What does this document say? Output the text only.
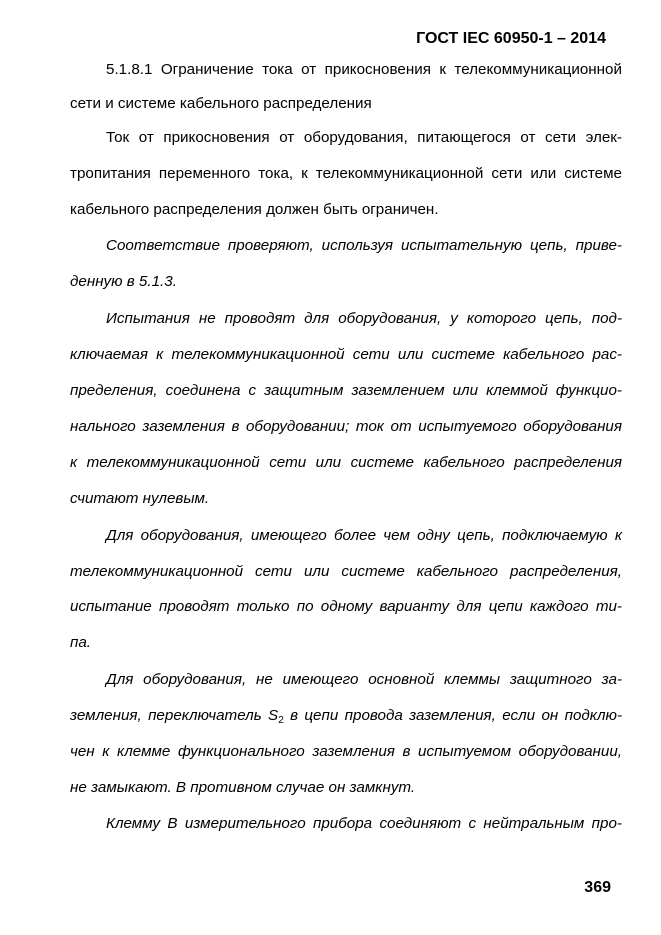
ГОСТ IEC 60950-1 – 2014
5.1.8.1 Ограничение тока от прикосновения к телекоммуникационной
сети и системе кабельного распределения
Ток от прикосновения от оборудования, питающегося от сети элек-
тропитания переменного тока, к телекоммуникационной сети или системе
кабельного распределения должен быть ограничен.
Соответствие проверяют, используя испытательную цепь, приве-
денную в 5.1.3.
Испытания не проводят для оборудования, у которого цепь, под-
ключаемая к телекоммуникационной сети или системе кабельного рас-
пределения, соединена с защитным заземлением или клеммой функцио-
нального заземления в оборудовании; ток от испытуемого оборудования
к телекоммуникационной сети или системе кабельного распределения
считают нулевым.
Для оборудования, имеющего более чем одну цепь, подключаемую к
телекоммуникационной сети или системе кабельного распределения,
испытание проводят только по одному варианту для цепи каждого ти-
па.
Для оборудования, не имеющего основной клеммы защитного за-
земления, переключатель $S_2$ в цепи провода заземления, если он подклю-
чен к клемме функционального заземления в испытуемом оборудовании,
не замыкают. В противном случае он замкнут.
Клемму B измерительного прибора соединяют с нейтральным про-
369
